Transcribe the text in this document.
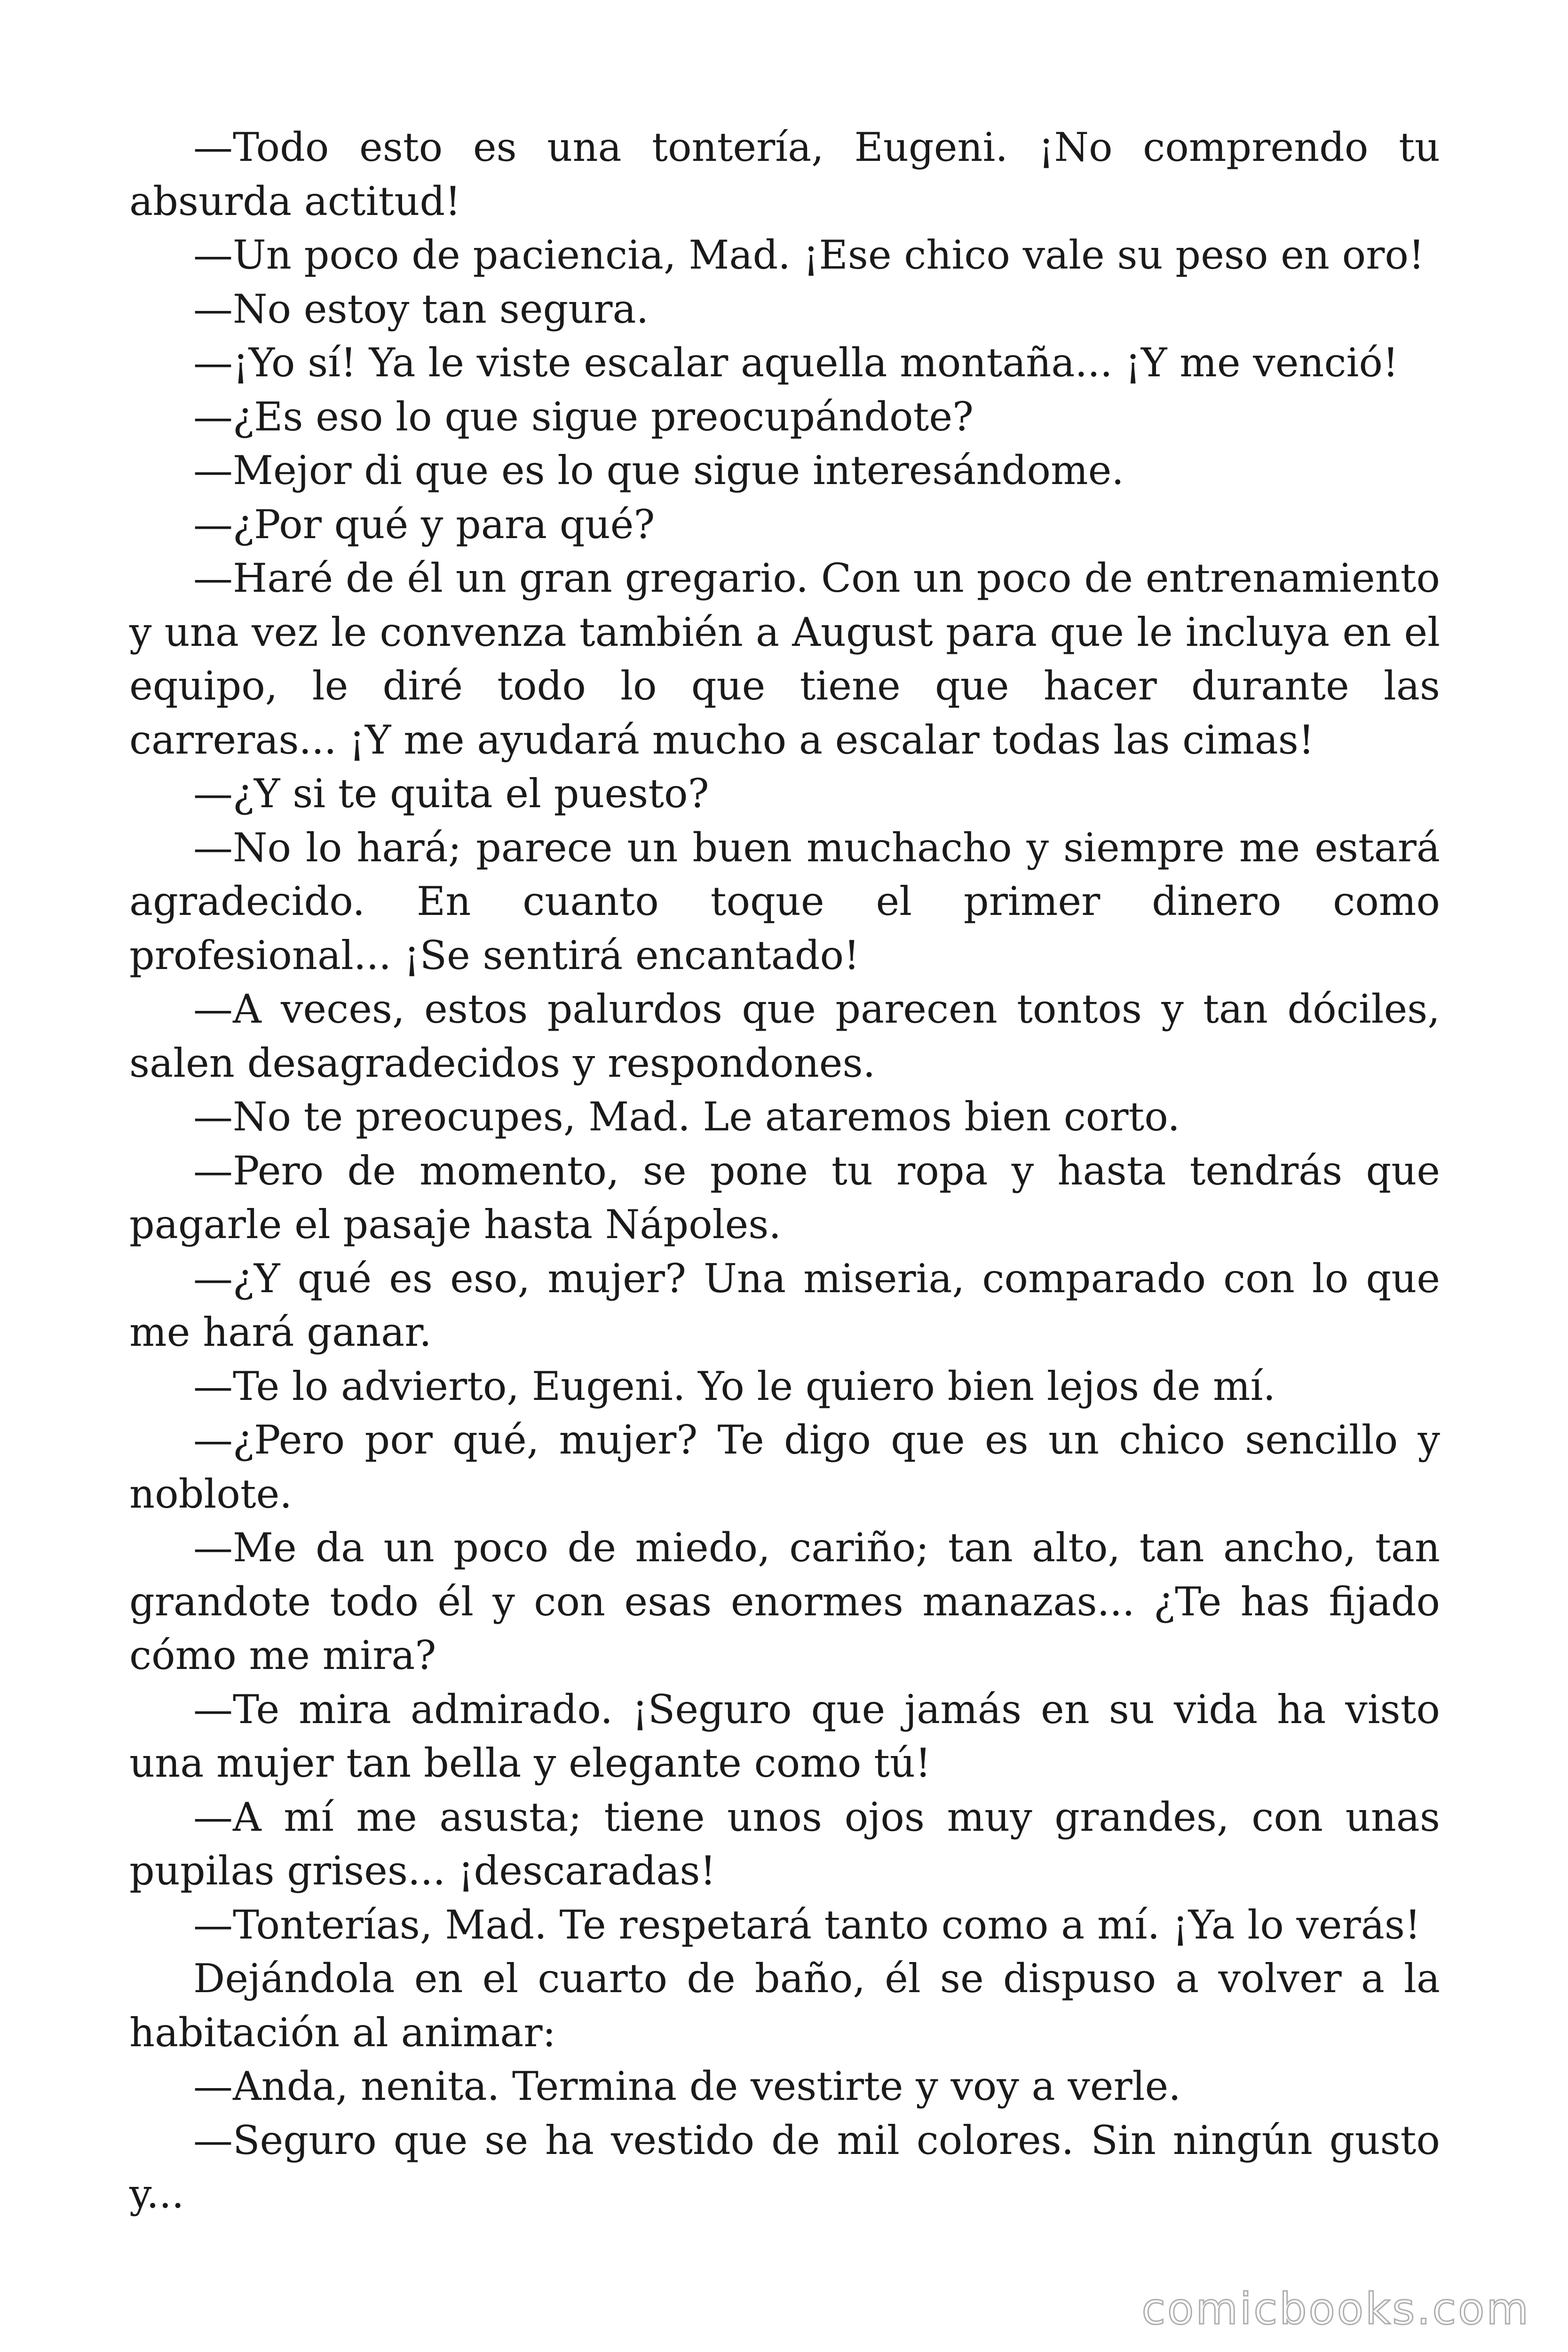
—Todo esto es una tontería, Eugeni. ¡No comprendo tu absurda actitud!

—Un poco de paciencia, Mad. ¡Ese chico vale su peso en oro!

—No estoy tan segura.

—¡Yo sí! Ya le viste escalar aquella montaña... ¡Y me venció!

—¿Es eso lo que sigue preocupándote?

—Mejor di que es lo que sigue interesándome.

—¿Por qué y para qué?

—Haré de él un gran gregario. Con un poco de entrenamiento y una vez le convenza también a August para que le incluya en el equipo, le diré todo lo que tiene que hacer durante las carreras... ¡Y me ayudará mucho a escalar todas las cimas!

—¿Y si te quita el puesto?

—No lo hará; parece un buen muchacho y siempre me estará agradecido. En cuanto toque el primer dinero como profesional... ¡Se sentirá encantado!

—A veces, estos palurdos que parecen tontos y tan dóciles, salen desagradecidos y respondones.

—No te preocupes, Mad. Le ataremos bien corto.

—Pero de momento, se pone tu ropa y hasta tendrás que pagarle el pasaje hasta Nápoles.

—¿Y qué es eso, mujer? Una miseria, comparado con lo que me hará ganar.

—Te lo advierto, Eugeni. Yo le quiero bien lejos de mí.

—¿Pero por qué, mujer? Te digo que es un chico sencillo y noblote.

—Me da un poco de miedo, cariño; tan alto, tan ancho, tan grandote todo él y con esas enormes manazas... ¿Te has fijado cómo me mira?

—Te mira admirado. ¡Seguro que jamás en su vida ha visto una mujer tan bella y elegante como tú!

—A mí me asusta; tiene unos ojos muy grandes, con unas pupilas grises... ¡descaradas!

—Tonterías, Mad. Te respetará tanto como a mí. ¡Ya lo verás!

Dejándola en el cuarto de baño, él se dispuso a volver a la habitación al animar:

—Anda, nenita. Termina de vestirte y voy a verle.

—Seguro que se ha vestido de mil colores. Sin ningún gusto y...

comicbooks.com
